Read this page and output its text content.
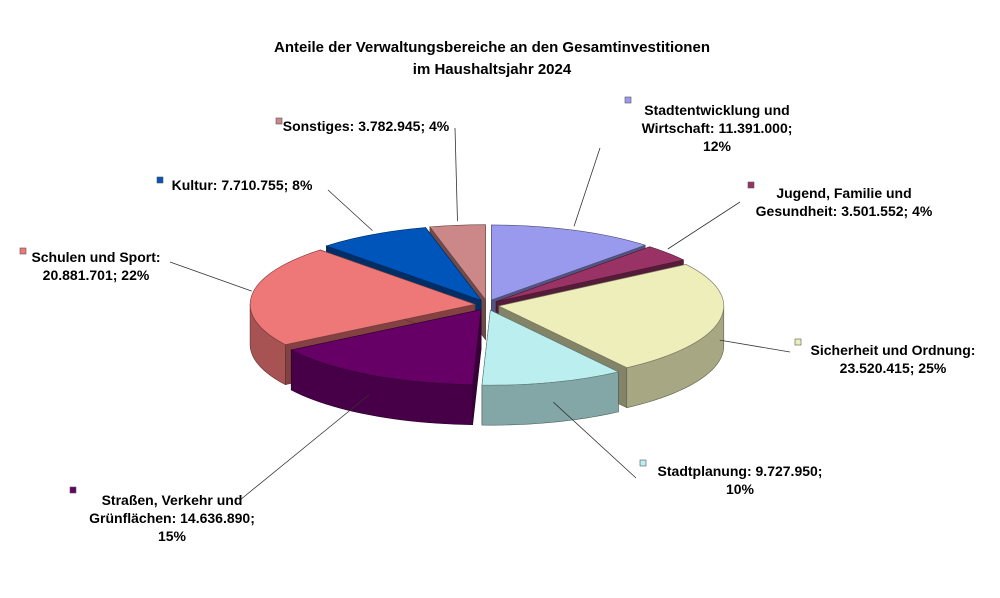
Anteile der Verwaltungsbereiche an den Gesamtinvestitionen
im Haushaltsjahr 2024
Stadtentwicklung und Wirtschaft: 11.391.000; 12%
Jugend, Familie und Gesundheit: 3.501.552; 4%
Sicherheit und Ordnung: 23.520.415; 25%
Stadtplanung: 9.727.950; 10%
Straßen, Verkehr und Grünflächen: 14.636.890; 15%
Schulen und Sport: 20.881.701; 22%
Kultur: 7.710.755; 8%
Sonstiges: 3.782.945; 4%
